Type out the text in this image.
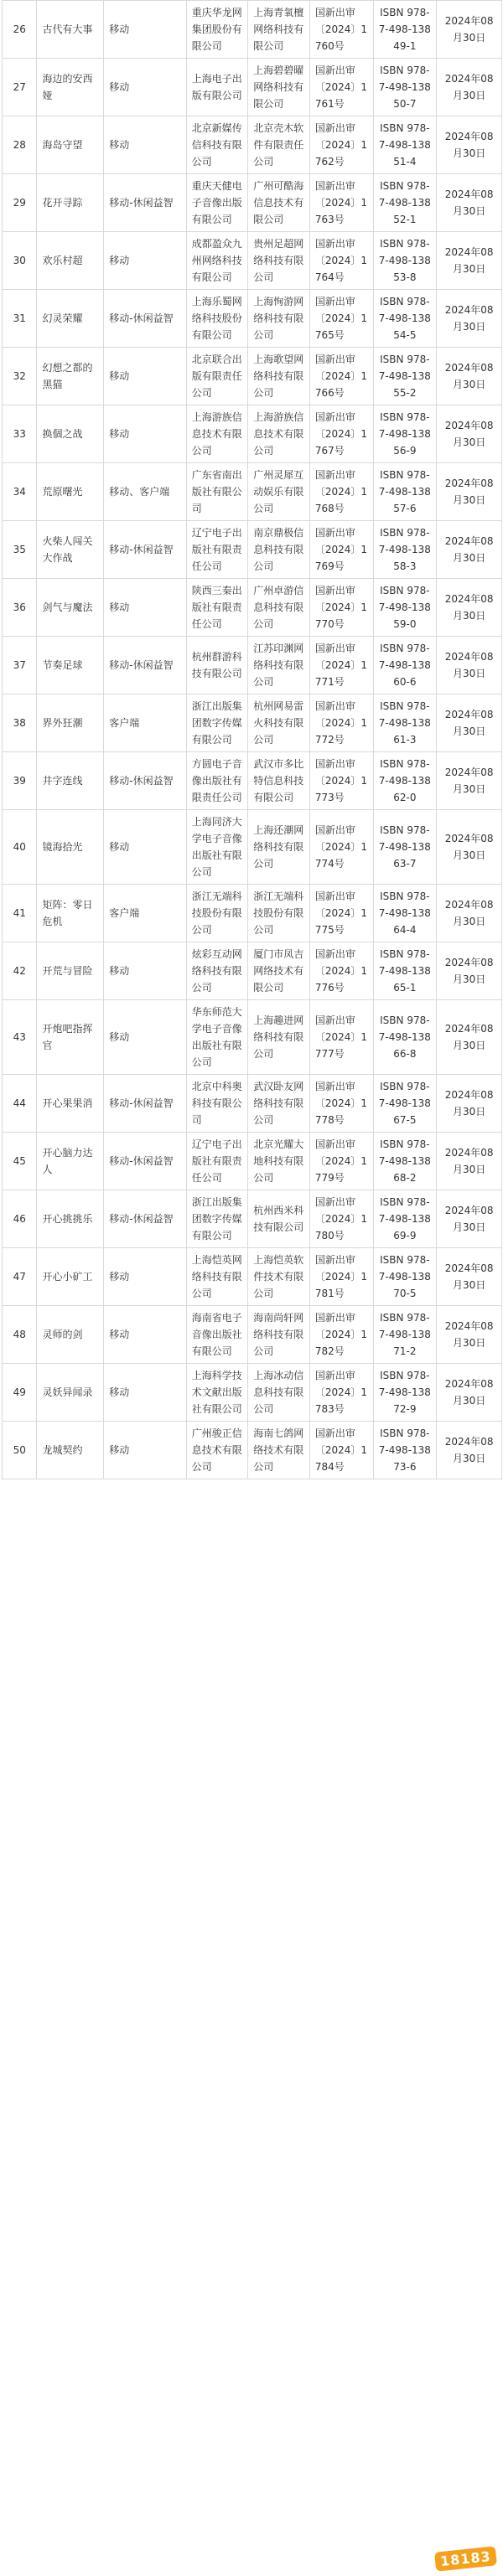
26	古代有大事	移动	重庆华龙网集团股份有限公司	上海青氧檀网络科技有限公司	国新出审〔2024〕1760号	ISBN 978-7-498-13849-1	2024年08月30日
27	海边的安西娅	移动	上海电子出版有限公司	上海碧碧曜网络科技有限公司	国新出审〔2024〕1761号	ISBN 978-7-498-13850-7	2024年08月30日
28	海岛守望	移动	北京新媒传信科技有限公司	北京壳木软件有限责任公司	国新出审〔2024〕1762号	ISBN 978-7-498-13851-4	2024年08月30日
29	花开寻踪	移动-休闲益智	重庆天健电子音像出版有限公司	广州可酷海信息技术有限公司	国新出审〔2024〕1763号	ISBN 978-7-498-13852-1	2024年08月30日
30	欢乐村超	移动	成都盈众九州网络科技有限公司	贵州足超网络科技有限公司	国新出审〔2024〕1764号	ISBN 978-7-498-13853-8	2024年08月30日
31	幻灵荣耀	移动-休闲益智	上海乐蜀网络科技股份有限公司	上海恂游网络科技有限公司	国新出审〔2024〕1765号	ISBN 978-7-498-13854-5	2024年08月30日
32	幻想之都的黑猫	移动	北京联合出版有限责任公司	上海歌望网络科技有限公司	国新出审〔2024〕1766号	ISBN 978-7-498-13855-2	2024年08月30日
33	换個之战	移动	上海游族信息技术有限公司	上海游族信息技术有限公司	国新出审〔2024〕1767号	ISBN 978-7-498-13856-9	2024年08月30日
34	荒原曙光	移动、客户端	广东省南出版社有限公司	广州灵犀互动娱乐有限公司	国新出审〔2024〕1768号	ISBN 978-7-498-13857-6	2024年08月30日
35	火柴人闯关大作战	移动-休闲益智	辽宁电子出版社有限责任公司	南京鼎极信息科技有限公司	国新出审〔2024〕1769号	ISBN 978-7-498-13858-3	2024年08月30日
36	剑气与魔法	移动	陕西三秦出版社有限责任公司	广州卓游信息科技有限公司	国新出审〔2024〕1770号	ISBN 978-7-498-13859-0	2024年08月30日
37	节奏足球	移动-休闲益智	杭州群游科技有限公司	江苏印渊网络科技有限公司	国新出审〔2024〕1771号	ISBN 978-7-498-13860-6	2024年08月30日
38	界外狂潮	客户端	浙江出版集团数字传媒有限公司	杭州网易雷火科技有限公司	国新出审〔2024〕1772号	ISBN 978-7-498-13861-3	2024年08月30日
39	井字连线	移动-休闲益智	方圆电子音像出版社有限责任公司	武汉市多比特信息科技有限公司	国新出审〔2024〕1773号	ISBN 978-7-498-13862-0	2024年08月30日
40	镜海拾光	移动	上海同济大学电子音像出版社有限公司	上海还潮网络科技有限公司	国新出审〔2024〕1774号	ISBN 978-7-498-13863-7	2024年08月30日
41	矩阵：零日危机	客户端	浙江无端科技股份有限公司	浙江无端科技股份有限公司	国新出审〔2024〕1775号	ISBN 978-7-498-13864-4	2024年08月30日
42	开荒与冒险	移动	炫彩互动网络科技有限公司	厦门市凤吉网络技术有限公司	国新出审〔2024〕1776号	ISBN 978-7-498-13865-1	2024年08月30日
43	开炮吧指挥官	移动	华东师范大学电子音像出版社有限公司	上海趣进网络科技有限公司	国新出审〔2024〕1777号	ISBN 978-7-498-13866-8	2024年08月30日
44	开心果果消	移动-休闲益智	北京中科奥科技有限公司	武汉卧友网络科技有限公司	国新出审〔2024〕1778号	ISBN 978-7-498-13867-5	2024年08月30日
45	开心脑力达人	移动-休闲益智	辽宁电子出版社有限责任公司	北京光耀大地科技有限公司	国新出审〔2024〕1779号	ISBN 978-7-498-13868-2	2024年08月30日
46	开心挑挑乐	移动-休闲益智	浙江出版集团数字传媒有限公司	杭州西米科技有限公司	国新出审〔2024〕1780号	ISBN 978-7-498-13869-9	2024年08月30日
47	开心小矿工	移动	上海恺英网络科技有限公司	上海恺英软件技术有限公司	国新出审〔2024〕1781号	ISBN 978-7-498-13870-5	2024年08月30日
48	灵师的剑	移动	海南省电子音像出版社有限公司	海南尚轩网络科技有限公司	国新出审〔2024〕1782号	ISBN 978-7-498-13871-2	2024年08月30日
49	灵妖异闻录	移动	上海科学技术文献出版社有限公司	上海冰动信息科技有限公司	国新出审〔2024〕1783号	ISBN 978-7-498-13872-9	2024年08月30日
50	龙城契约	移动	广州骏正信息技术有限公司	海南七鸽网络技术有限公司	国新出审〔2024〕1784号	ISBN 978-7-498-13873-6	2024年08月30日
18183
